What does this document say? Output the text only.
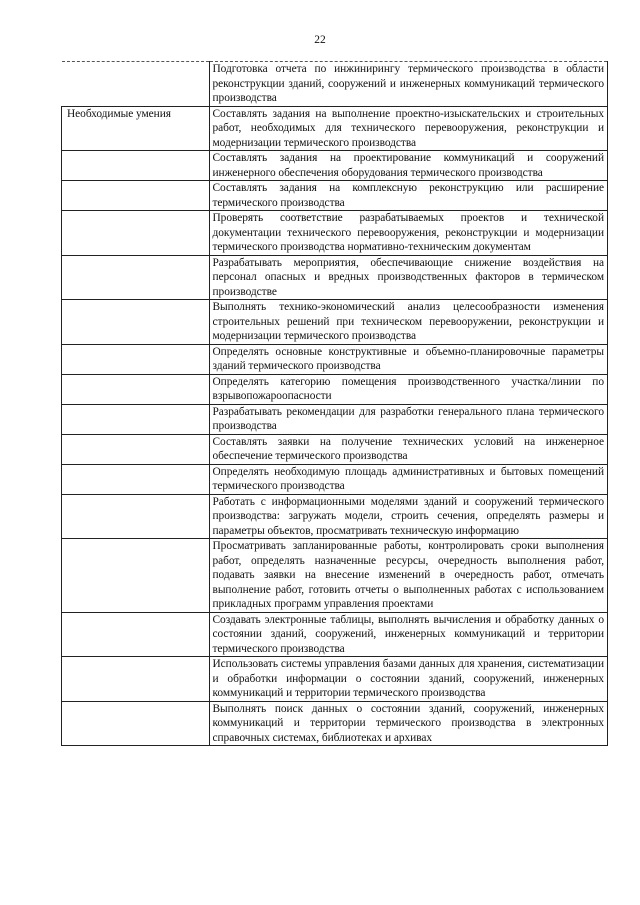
22
	Подготовка отчета по инжинирингу термического производства в области реконструкции зданий, сооружений и инженерных коммуникаций термического производства
Необходимые умения	Составлять задания на выполнение проектно-изыскательских и строительных работ, необходимых для технического перевооружения, реконструкции и модернизации термического производства
	Составлять задания на проектирование коммуникаций и сооружений инженерного обеспечения оборудования термического производства
	Составлять задания на комплексную реконструкцию или расширение термического производства
	Проверять соответствие разрабатываемых проектов и технической документации технического перевооружения, реконструкции и модернизации термического производства нормативно-техническим документам
	Разрабатывать мероприятия, обеспечивающие снижение воздействия на персонал опасных и вредных производственных факторов в термическом производстве
	Выполнять технико-экономический анализ целесообразности изменения строительных решений при техническом перевооружении, реконструкции и модернизации термического производства
	Определять основные конструктивные и объемно-планировочные параметры зданий термического производства
	Определять категорию помещения производственного участка/линии по взрывопожароопасности
	Разрабатывать рекомендации для разработки генерального плана термического производства
	Составлять заявки на получение технических условий на инженерное обеспечение термического производства
	Определять необходимую площадь административных и бытовых помещений термического производства
	Работать с информационными моделями зданий и сооружений термического производства: загружать модели, строить сечения, определять размеры и параметры объектов, просматривать техническую информацию
	Просматривать запланированные работы, контролировать сроки выполнения работ, определять назначенные ресурсы, очередность выполнения работ, подавать заявки на внесение изменений в очередность работ, отмечать выполнение работ, готовить отчеты о выполненных работах с использованием прикладных программ управления проектами
	Создавать электронные таблицы, выполнять вычисления и обработку данных о состоянии зданий, сооружений, инженерных коммуникаций и территории термического производства
	Использовать системы управления базами данных для хранения, систематизации и обработки информации о состоянии зданий, сооружений, инженерных коммуникаций и территории термического производства
	Выполнять поиск данных о состоянии зданий, сооружений, инженерных коммуникаций и территории термического производства в электронных справочных системах, библиотеках и архивах
